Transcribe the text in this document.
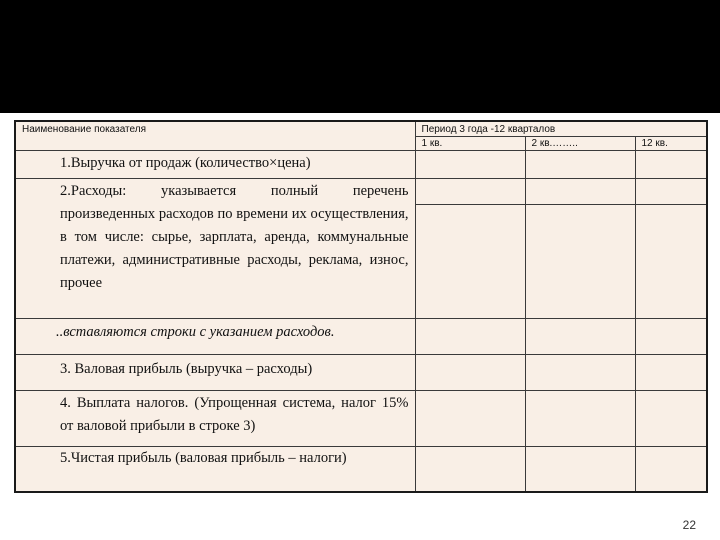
Наименование показателя	Период 3 года -12 кварталов		

	1 кв.	2 кв.……..	12 кв.

1.Выручка от продаж (количество×цена)			

2.Расходы: указывается полный перечень произведенных расходов по времени их осуществления, в том числе: сырье, зарплата, аренда, коммунальные платежи, административные расходы, реклама, износ, прочее			

..вставляются строки с указанием расходов.			

3. Валовая прибыль (выручка – расходы)			

4. Выплата налогов. (Упрощенная система, налог 15% от валовой прибыли в строке 3)			

5.Чистая прибыль (валовая прибыль – налоги)			

22
